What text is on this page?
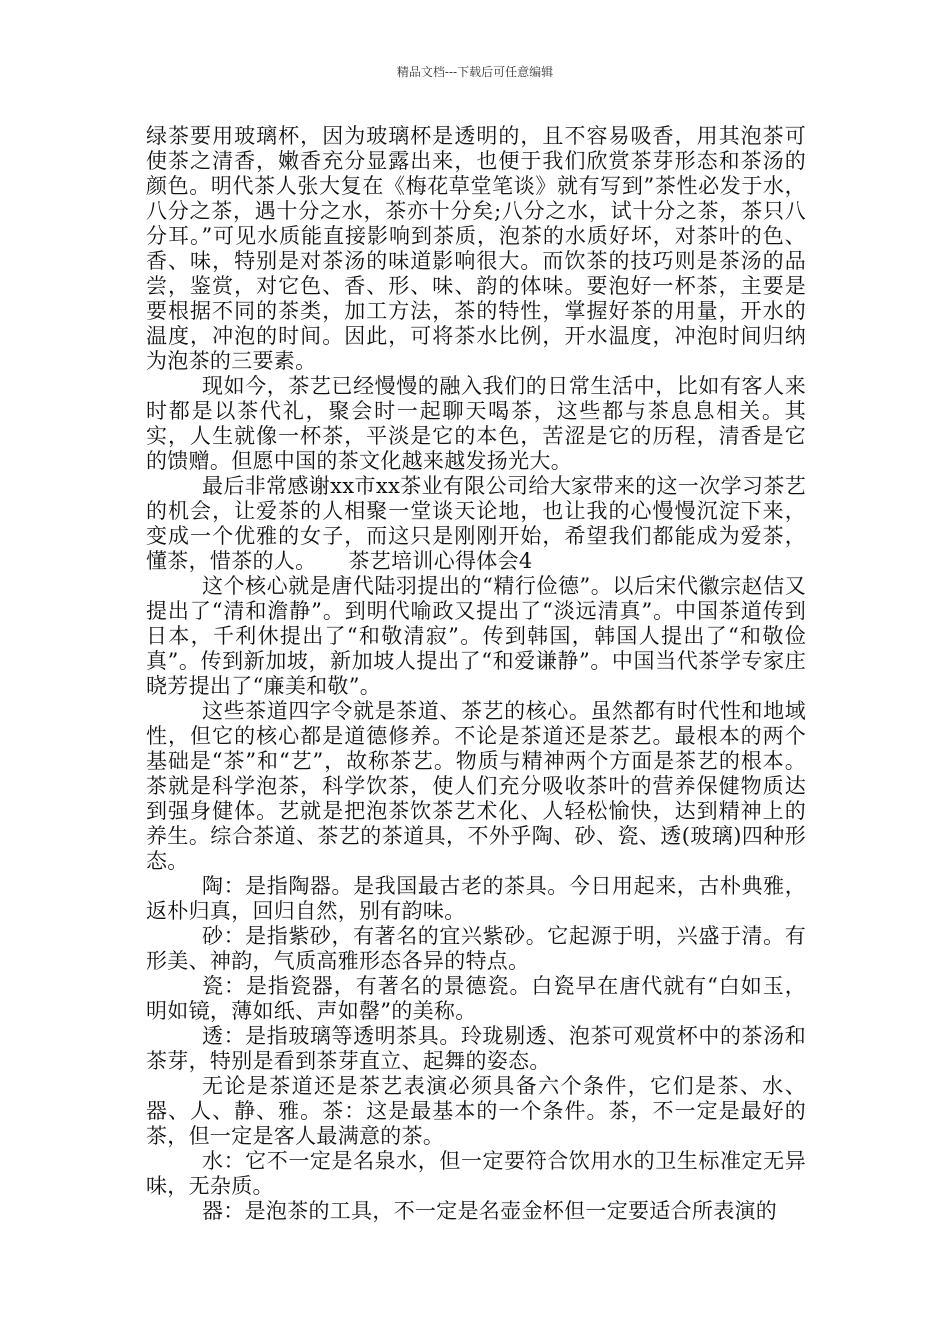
精品文档---下载后可任意编辑

绿茶要用玻璃杯，因为玻璃杯是透明的，且不容易吸香，用其泡茶可使茶之清香，嫩香充分显露出来，也便于我们欣赏茶芽形态和茶汤的颜色。明代茶人张大复在《梅花草堂笔谈》就有写到”茶性必发于水，八分之茶，遇十分之水，茶亦十分矣;八分之水，试十分之茶，茶只八分耳。”可见水质能直接影响到茶质，泡茶的水质好坏，对茶叶的色、香、味，特别是对茶汤的味道影响很大。而饮茶的技巧则是茶汤的品尝，鉴赏，对它色、香、形、味、韵的体味。要泡好一杯茶，主要是要根据不同的茶类，加工方法，茶的特性，掌握好茶的用量，开水的温度，冲泡的时间。因此，可将茶水比例，开水温度，冲泡时间归纳为泡茶的三要素。

现如今，茶艺已经慢慢的融入我们的日常生活中，比如有客人来时都是以茶代礼，聚会时一起聊天喝茶，这些都与茶息息相关。其实，人生就像一杯茶，平淡是它的本色，苦涩是它的历程，清香是它的馈赠。但愿中国的茶文化越来越发扬光大。

最后非常感谢xx市xx茶业有限公司给大家带来的这一次学习茶艺的机会，让爱茶的人相聚一堂谈天论地，也让我的心慢慢沉淀下来，变成一个优雅的女子，而这只是刚刚开始，希望我们都能成为爱茶，懂茶，惜茶的人。　　茶艺培训心得体会4

这个核心就是唐代陆羽提出的“精行俭德”。以后宋代徽宗赵佶又提出了“清和澹静”。到明代喻政又提出了“淡远清真”。中国茶道传到日本，千利休提出了“和敬清寂”。传到韩国，韩国人提出了“和敬俭真”。传到新加坡，新加坡人提出了“和爱谦静”。中国当代茶学专家庄晓芳提出了“廉美和敬”。

这些茶道四字令就是茶道、茶艺的核心。虽然都有时代性和地域性，但它的核心都是道德修养。不论是茶道还是茶艺。最根本的两个基础是“茶”和“艺”，故称茶艺。物质与精神两个方面是茶艺的根本。茶就是科学泡茶，科学饮茶，使人们充分吸收茶叶的营养保健物质达到强身健体。艺就是把泡茶饮茶艺术化、人轻松愉快，达到精神上的养生。综合茶道、茶艺的茶道具，不外乎陶、砂、瓷、透(玻璃)四种形态。

陶：是指陶器。是我国最古老的茶具。今日用起来，古朴典雅，返朴归真，回归自然，别有韵味。

砂：是指紫砂，有著名的宜兴紫砂。它起源于明，兴盛于清。有形美、神韵，气质高雅形态各异的特点。

瓷：是指瓷器，有著名的景德瓷。白瓷早在唐代就有“白如玉，明如镜，薄如纸、声如罄”的美称。

透：是指玻璃等透明茶具。玲珑剔透、泡茶可观赏杯中的茶汤和茶芽，特别是看到茶芽直立、起舞的姿态。

无论是茶道还是茶艺表演必须具备六个条件，它们是茶、水、器、人、静、雅。茶：这是最基本的一个条件。茶，不一定是最好的茶，但一定是客人最满意的茶。

水：它不一定是名泉水，但一定要符合饮用水的卫生标准定无异味，无杂质。

器：是泡茶的工具，不一定是名壶金杯但一定要适合所表演的
